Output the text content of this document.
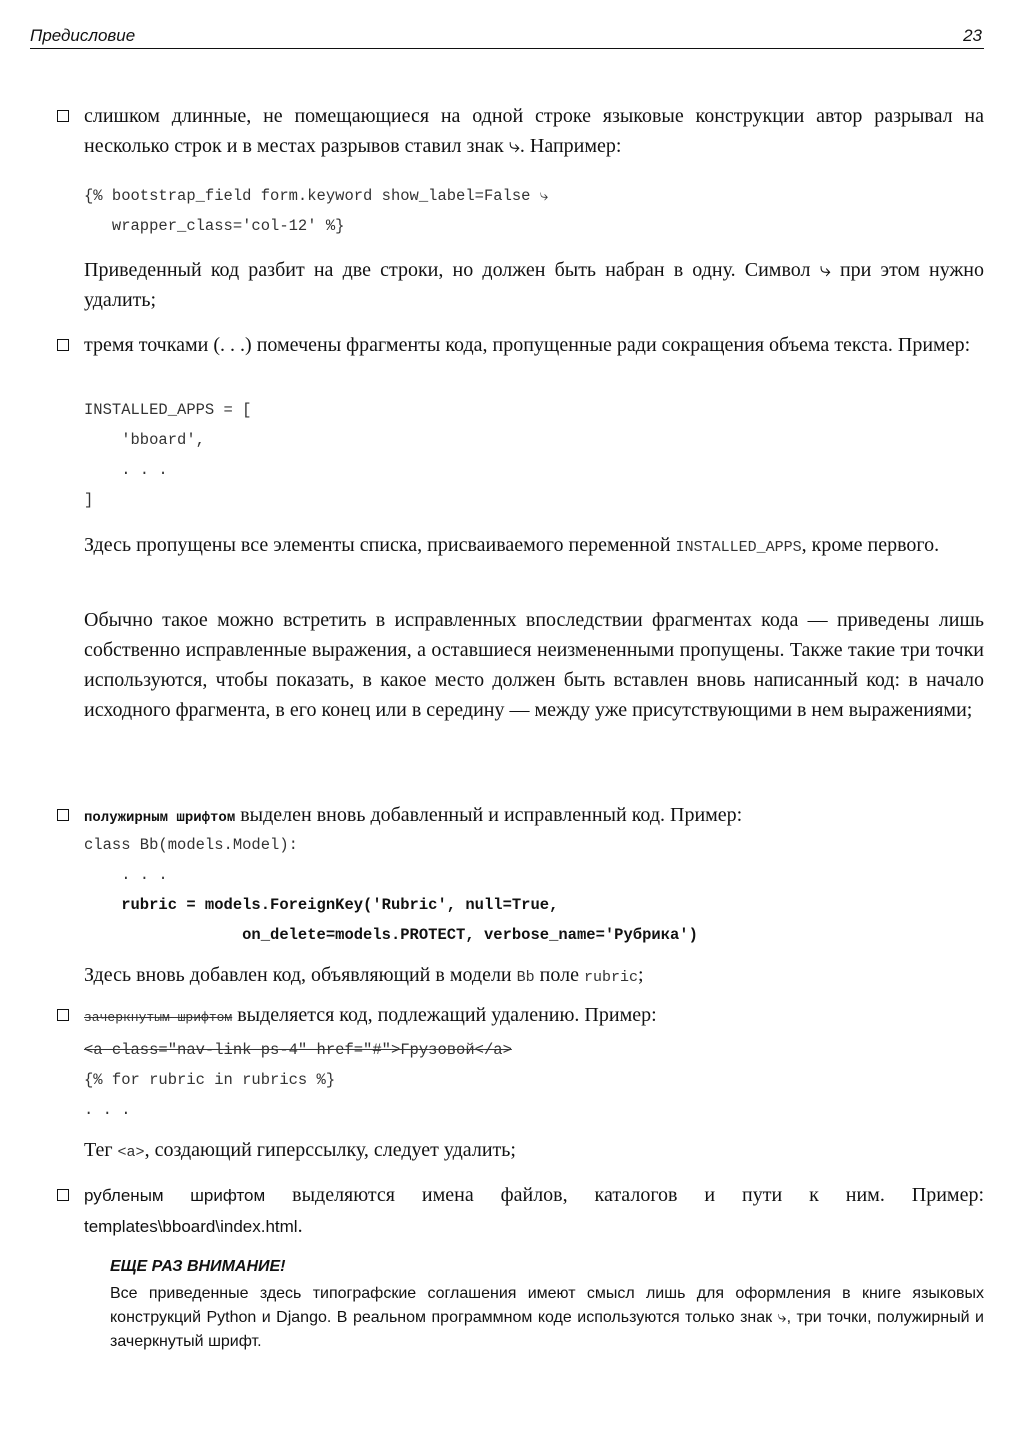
Предисловие	23

слишком длинные, не помещающиеся на одной строке языковые конструкции автор разрывал на несколько строк и в местах разрывов ставил знак ⤷. Например:

{% bootstrap_field form.keyword show_label=False ⤷
wrapper_class='col-12' %}

Приведенный код разбит на две строки, но должен быть набран в одну. Символ ⤷ при этом нужно удалить;

тремя точками (. . .) помечены фрагменты кода, пропущенные ради сокращения объема текста. Пример:

INSTALLED_APPS = [
'bboard',
. . .
]

Здесь пропущены все элементы списка, присваиваемого переменной INSTALLED_APPS, кроме первого.

Обычно такое можно встретить в исправленных впоследствии фрагментах кода — приведены лишь собственно исправленные выражения, а оставшиеся неизмененными пропущены. Также такие три точки используются, чтобы показать, в какое место должен быть вставлен вновь написанный код: в начало исходного фрагмента, в его конец или в середину — между уже присутствующими в нем выражениями;

полужирным шрифтом выделен вновь добавленный и исправленный код. Пример:

class Bb(models.Model):
. . .
rubric = models.ForeignKey('Rubric', null=True,
on_delete=models.PROTECT, verbose_name='Рубрика')

Здесь вновь добавлен код, объявляющий в модели Bb поле rubric;

зачеркнутым шрифтом выделяется код, подлежащий удалению. Пример:

<a class="nav-link ps-4" href="#">Грузовой</a>
{% for rubric in rubrics %}
. . .

Тег <a>, создающий гиперссылку, следует удалить;

рубленым шрифтом выделяются имена файлов, каталогов и пути к ним. Пример: templates\bboard\index.html.

ЕЩЕ РАЗ ВНИМАНИЕ!

Все приведенные здесь типографские соглашения имеют смысл лишь для оформления в книге языковых конструкций Python и Django. В реальном программном коде используются только знак ⤷, три точки, полужирный и зачеркнутый шрифт.
